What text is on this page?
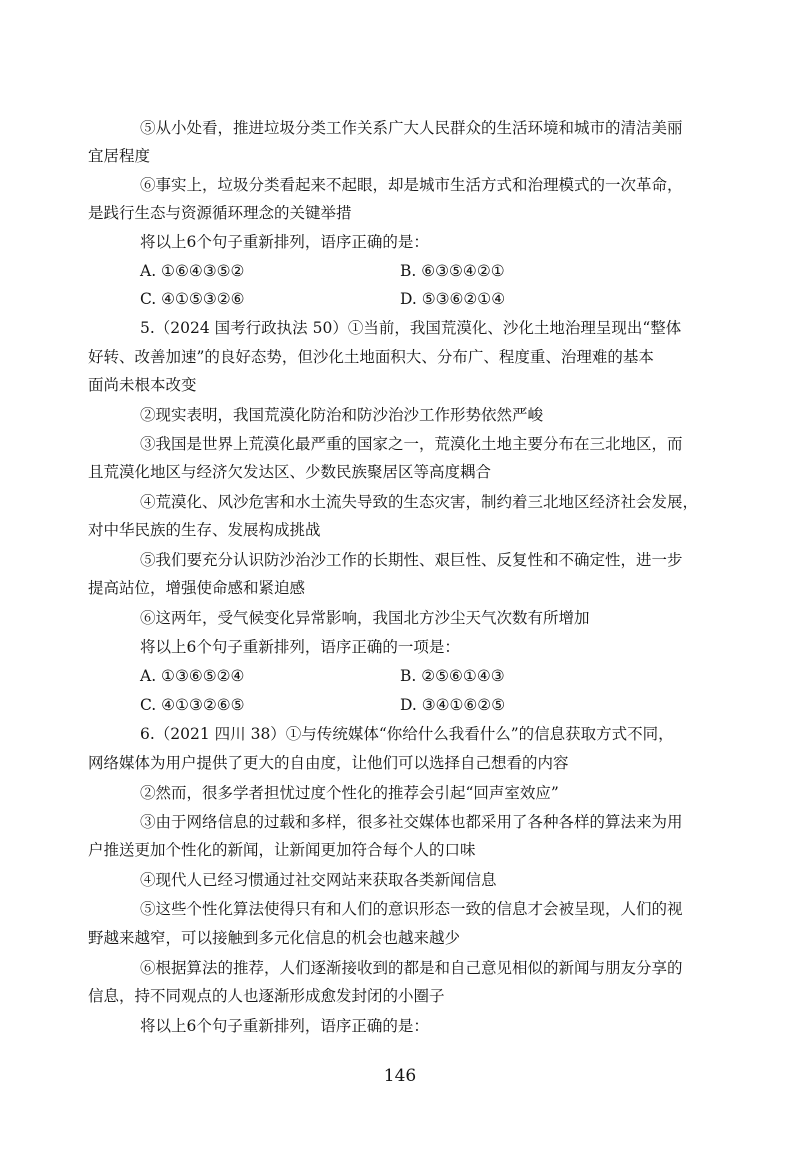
⑤从小处看，推进垃圾分类工作关系广大人民群众的生活环境和城市的清洁美丽
宜居程度
⑥事实上，垃圾分类看起来不起眼，却是城市生活方式和治理模式的一次革命，
是践行生态与资源循环理念的关键举措
将以上6个句子重新排列，语序正确的是：
A. ①⑥④③⑤②	B. ⑥③⑤④②①
C. ④①⑤③②⑥	D. ⑤③⑥②①④
5.（2024 国考行政执法 50）①当前，我国荒漠化、沙化土地治理呈现出“整体
好转、改善加速”的良好态势，但沙化土地面积大、分布广、程度重、治理难的基本
面尚未根本改变
②现实表明，我国荒漠化防治和防沙治沙工作形势依然严峻
③我国是世界上荒漠化最严重的国家之一，荒漠化土地主要分布在三北地区，而
且荒漠化地区与经济欠发达区、少数民族聚居区等高度耦合
④荒漠化、风沙危害和水土流失导致的生态灾害，制约着三北地区经济社会发展，
对中华民族的生存、发展构成挑战
⑤我们要充分认识防沙治沙工作的长期性、艰巨性、反复性和不确定性，进一步
提高站位，增强使命感和紧迫感
⑥这两年，受气候变化异常影响，我国北方沙尘天气次数有所增加
将以上6个句子重新排列，语序正确的一项是：
A. ①③⑥⑤②④	B. ②⑤⑥①④③
C. ④①③②⑥⑤	D. ③④①⑥②⑤
6.（2021 四川 38）①与传统媒体“你给什么我看什么”的信息获取方式不同，
网络媒体为用户提供了更大的自由度，让他们可以选择自己想看的内容
②然而，很多学者担忧过度个性化的推荐会引起“回声室效应”
③由于网络信息的过载和多样，很多社交媒体也都采用了各种各样的算法来为用
户推送更加个性化的新闻，让新闻更加符合每个人的口味
④现代人已经习惯通过社交网站来获取各类新闻信息
⑤这些个性化算法使得只有和人们的意识形态一致的信息才会被呈现，人们的视
野越来越窄，可以接触到多元化信息的机会也越来越少
⑥根据算法的推荐，人们逐渐接收到的都是和自己意见相似的新闻与朋友分享的
信息，持不同观点的人也逐渐形成愈发封闭的小圈子
将以上6个句子重新排列，语序正确的是：
146
